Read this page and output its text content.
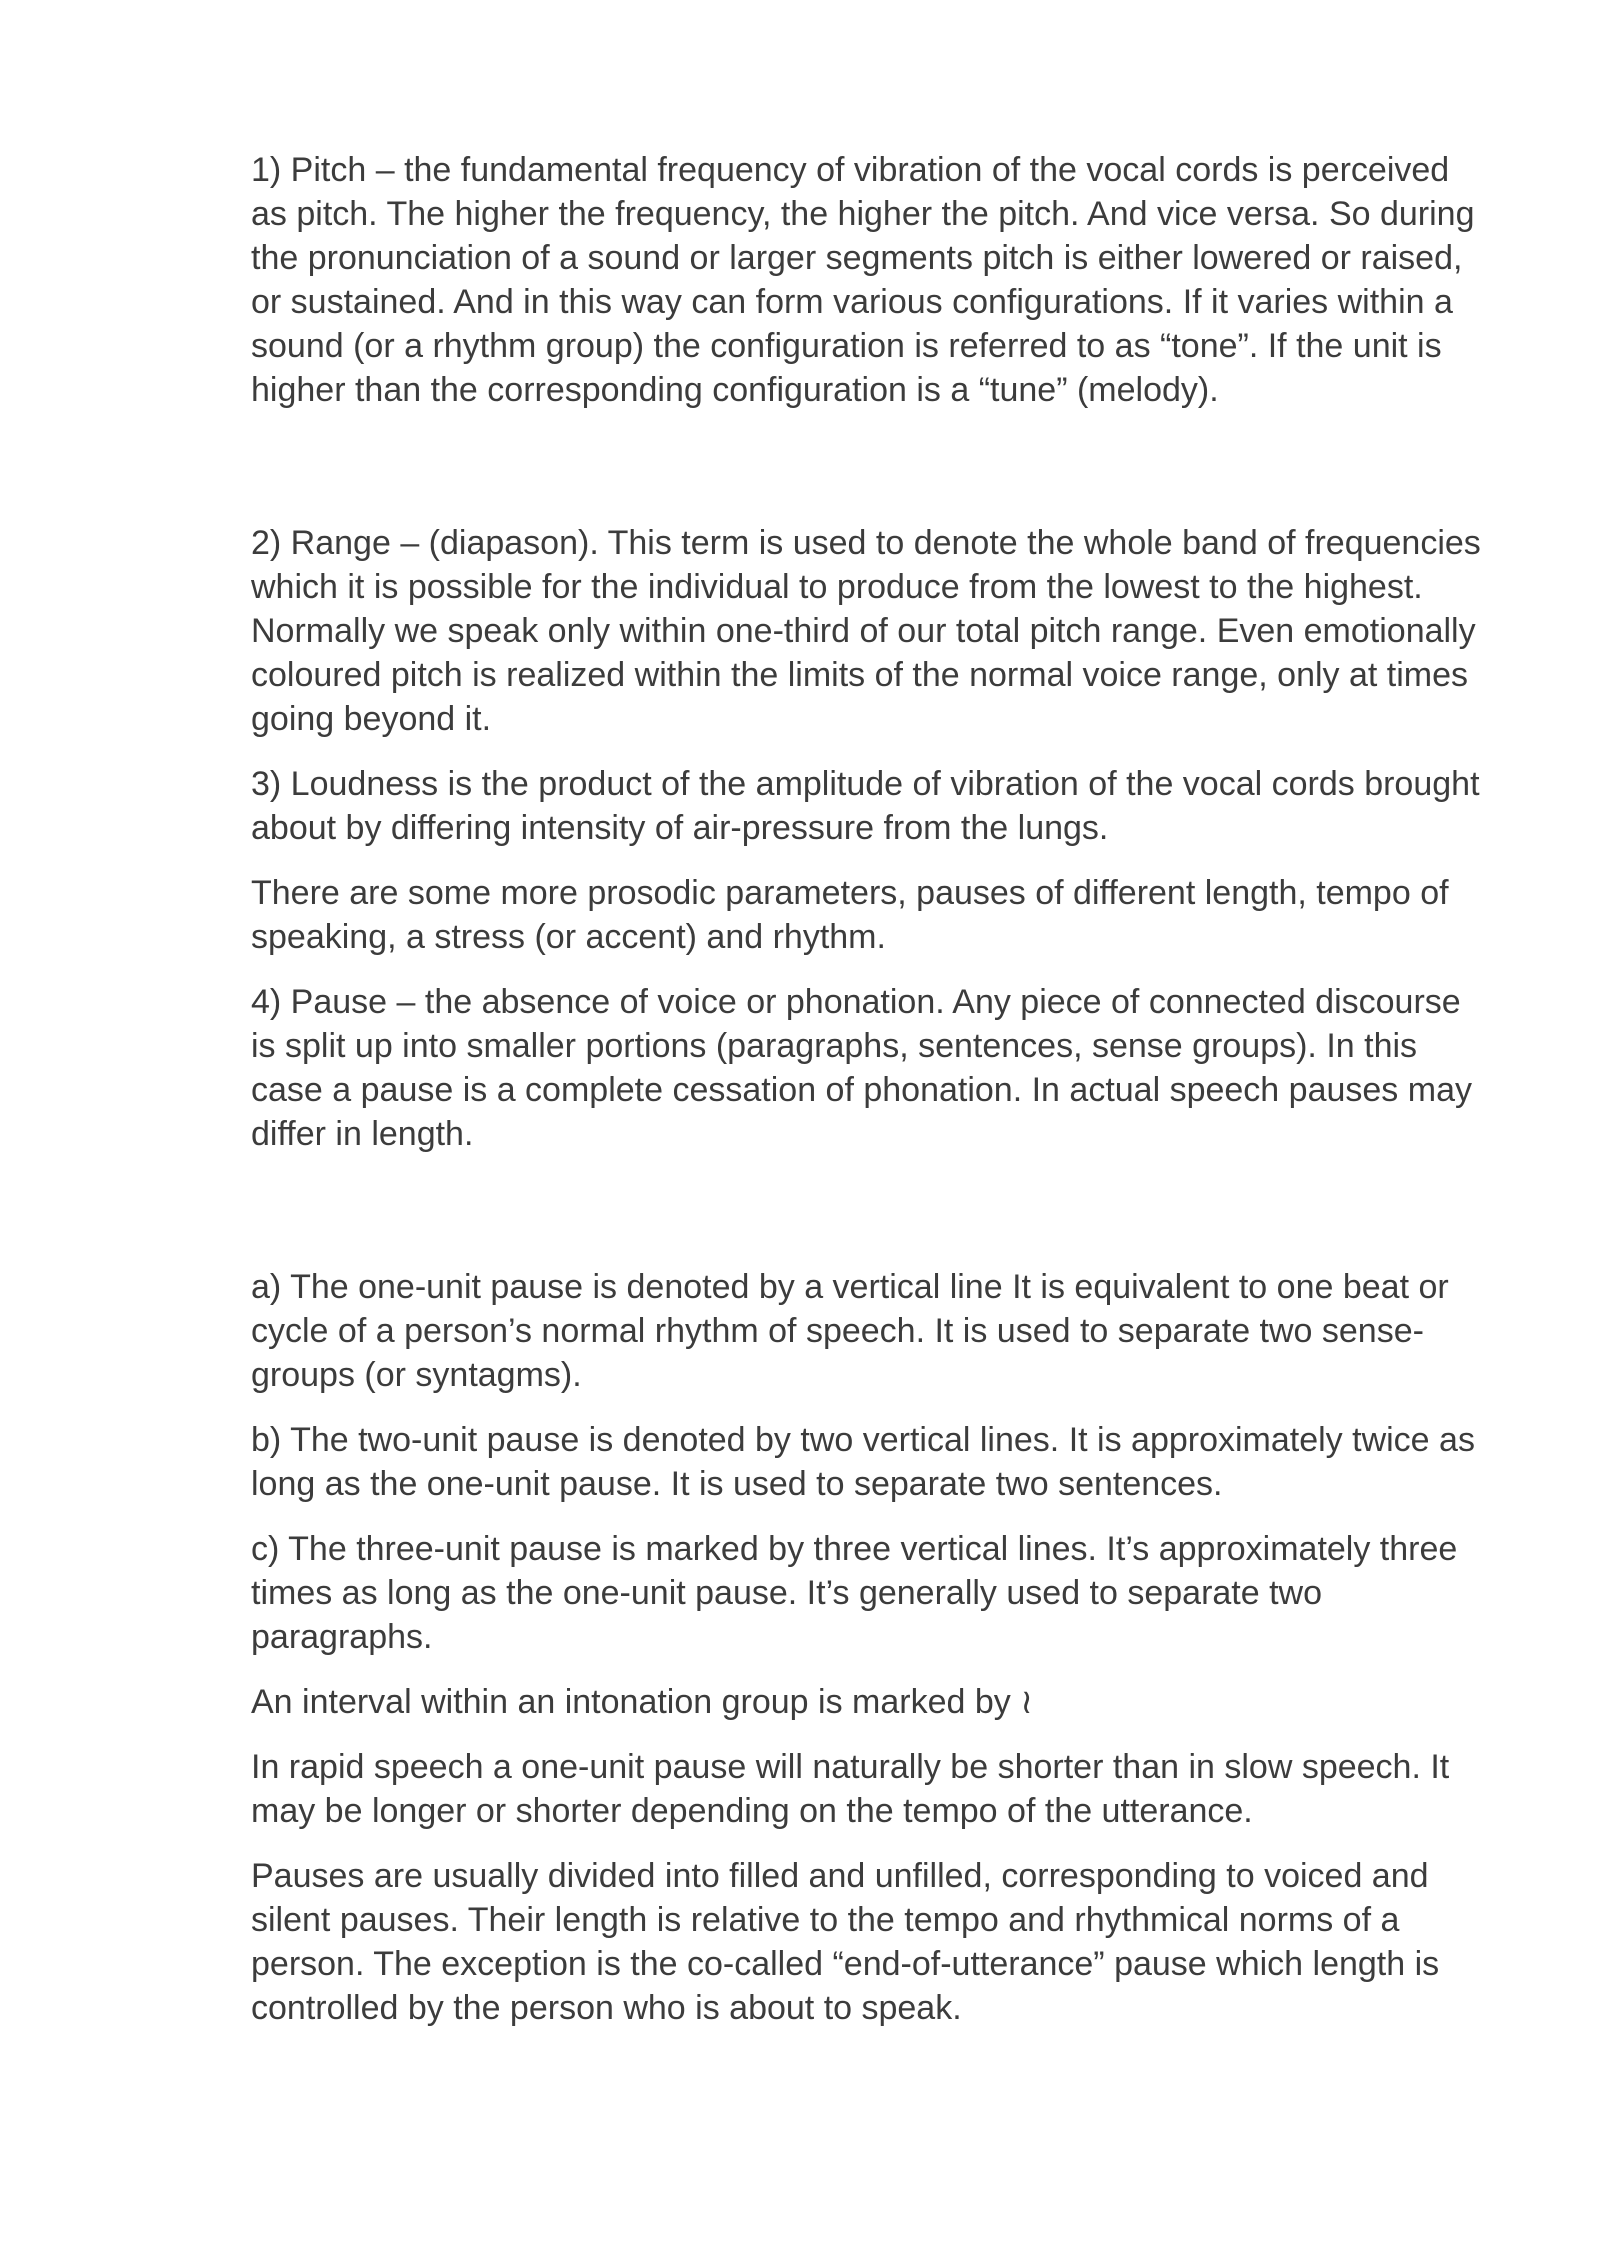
1) Pitch – the fundamental frequency of vibration of the vocal cords is perceived as pitch. The higher the frequency, the higher the pitch. And vice versa. So during the pronunciation of a sound or larger segments pitch is either lowered or raised, or sustained. And in this way can form various configurations. If it varies within a sound (or a rhythm group) the configuration is referred to as “tone”. If the unit is higher than the corresponding configuration is a “tune” (melody).

2) Range – (diapason). This term is used to denote the whole band of frequencies which it is possible for the individual to produce from the lowest to the highest. Normally we speak only within one-third of our total pitch range. Even emotionally coloured pitch is realized within the limits of the normal voice range, only at times going beyond it.

3) Loudness is the product of the amplitude of vibration of the vocal cords brought about by differing intensity of air-pressure from the lungs.

There are some more prosodic parameters, pauses of different length, tempo of speaking, a stress (or accent) and rhythm.

4) Pause – the absence of voice or phonation. Any piece of connected discourse is split up into smaller portions (paragraphs, sentences, sense groups). In this case a pause is a complete cessation of phonation. In actual speech pauses may differ in length.

a) The one-unit pause is denoted by a vertical line It is equivalent to one beat or cycle of a person’s normal rhythm of speech. It is used to separate two sense-groups (or syntagms).

b) The two-unit pause is denoted by two vertical lines. It is approximately twice as long as the one-unit pause. It is used to separate two sentences.

c) The three-unit pause is marked by three vertical lines. It’s approximately three times as long as the one-unit pause. It’s generally used to separate two paragraphs.

An interval within an intonation group is marked by ≀

In rapid speech a one-unit pause will naturally be shorter than in slow speech. It may be longer or shorter depending on the tempo of the utterance.

Pauses are usually divided into filled and unfilled, corresponding to voiced and silent pauses. Their length is relative to the tempo and rhythmical norms of a person. The exception is the co-called “end-of-utterance” pause which length is controlled by the person who is about to speak.
